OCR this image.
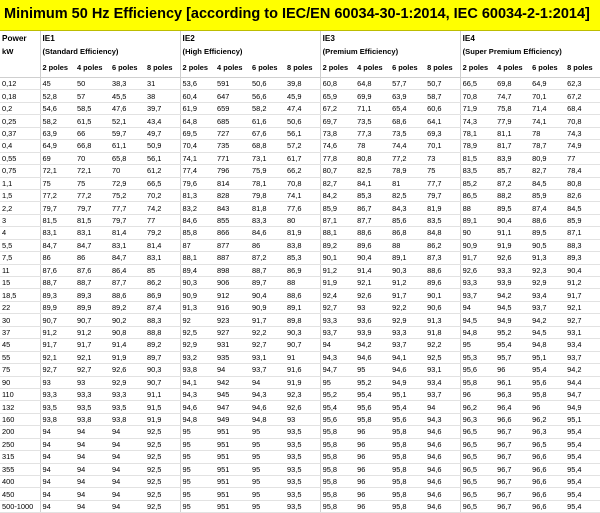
Minimum 50 Hz Efficiency [according to IEC/EN 60034-30-1:2014, IEC 60034-2-1:2014]
Power	IE1				IE2				IE3				IE4			
kW	(Standard Efficiency)				(High Efficiency)				(Premium Efficiency)				(Super Premium Efficiency)			
	2 poles	4 poles	6 poles	8 poles	2 poles	4 poles	6 poles	8 poles	2 poles	4 poles	6 poles	8 poles	2 poles	4 poles	6 poles	8 poles
0,12	45	50	38,3	31	53,6	591	50,6	39,8	60,8	64,8	57,7	50,7	66,5	69,8	64,9	62,3
0,18	52,8	57	45,5	38	60,4	647	56,6	45,9	65,9	69,9	63,9	58,7	70,8	74,7	70,1	67,2
0,2	54,6	58,5	47,6	39,7	61,9	659	58,2	47,4	67,2	71,1	65,4	60,6	71,9	75,8	71,4	68,4
0,25	58,2	61,5	52,1	43,4	64,8	685	61,6	50,6	69,7	73,5	68,6	64,1	74,3	77,9	74,1	70,8
0,37	63,9	66	59,7	49,7	69,5	727	67,6	56,1	73,8	77,3	73,5	69,3	78,1	81,1	78	74,3
0,4	64,9	66,8	61,1	50,9	70,4	735	68,8	57,2	74,6	78	74,4	70,1	78,9	81,7	78,7	74,9
0,55	69	70	65,8	56,1	74,1	771	73,1	61,7	77,8	80,8	77,2	73	81,5	83,9	80,9	77
0,75	72,1	72,1	70	61,2	77,4	796	75,9	66,2	80,7	82,5	78,9	75	83,5	85,7	82,7	78,4
1,1	75	75	72,9	66,5	79,6	814	78,1	70,8	82,7	84,1	81	77,7	85,2	87,2	84,5	80,8
1,5	77,2	77,2	75,2	70,2	81,3	828	79,8	74,1	84,2	85,3	82,5	79,7	86,5	88,2	85,9	82,6
2,2	79,7	79,7	77,7	74,2	83,2	843	81,8	77,6	85,9	86,7	84,3	81,9	88	89,5	87,4	84,5
3	81,5	81,5	79,7	77	84,6	855	83,3	80	87,1	87,7	85,6	83,5	89,1	90,4	88,6	85,9
4	83,1	83,1	81,4	79,2	85,8	866	84,6	81,9	88,1	88,6	86,8	84,8	90	91,1	89,5	87,1
5,5	84,7	84,7	83,1	81,4	87	877	86	83,8	89,2	89,6	88	86,2	90,9	91,9	90,5	88,3
7,5	86	86	84,7	83,1	88,1	887	87,2	85,3	90,1	90,4	89,1	87,3	91,7	92,6	91,3	89,3
11	87,6	87,6	86,4	85	89,4	898	88,7	86,9	91,2	91,4	90,3	88,6	92,6	93,3	92,3	90,4
15	88,7	88,7	87,7	86,2	90,3	906	89,7	88	91,9	92,1	91,2	89,6	93,3	93,9	92,9	91,2
18,5	89,3	89,3	88,6	86,9	90,9	912	90,4	88,6	92,4	92,6	91,7	90,1	93,7	94,2	93,4	91,7
22	89,9	89,9	89,2	87,4	91,3	916	90,9	89,1	92,7	93	92,2	90,6	94	94,5	93,7	92,1
30	90,7	90,7	90,2	88,3	92	923	91,7	89,8	93,3	93,6	92,9	91,3	94,5	94,9	94,2	92,7
37	91,2	91,2	90,8	88,8	92,5	927	92,2	90,3	93,7	93,9	93,3	91,8	94,8	95,2	94,5	93,1
45	91,7	91,7	91,4	89,2	92,9	931	92,7	90,7	94	94,2	93,7	92,2	95	95,4	94,8	93,4
55	92,1	92,1	91,9	89,7	93,2	935	93,1	91	94,3	94,6	94,1	92,5	95,3	95,7	95,1	93,7
75	92,7	92,7	92,6	90,3	93,8	94	93,7	91,6	94,7	95	94,6	93,1	95,6	96	95,4	94,2
90	93	93	92,9	90,7	94,1	942	94	91,9	95	95,2	94,9	93,4	95,8	96,1	95,6	94,4
110	93,3	93,3	93,3	91,1	94,3	945	94,3	92,3	95,2	95,4	95,1	93,7	96	96,3	95,8	94,7
132	93,5	93,5	93,5	91,5	94,6	947	94,6	92,6	95,4	95,6	95,4	94	96,2	96,4	96	94,9
160	93,8	93,8	93,8	91,9	94,8	949	94,8	93	95,6	95,8	95,6	94,3	96,3	96,6	96,2	95,1
200	94	94	94	92,5	95	951	95	93,5	95,8	96	95,8	94,6	96,5	96,7	96,3	95,4
250	94	94	94	92,5	95	951	95	93,5	95,8	96	95,8	94,6	96,5	96,7	96,5	95,4
315	94	94	94	92,5	95	951	95	93,5	95,8	96	95,8	94,6	96,5	96,7	96,6	95,4
355	94	94	94	92,5	95	951	95	93,5	95,8	96	95,8	94,6	96,5	96,7	96,6	95,4
400	94	94	94	92,5	95	951	95	93,5	95,8	96	95,8	94,6	96,5	96,7	96,6	95,4
450	94	94	94	92,5	95	951	95	93,5	95,8	96	95,8	94,6	96,5	96,7	96,6	95,4
500-1000	94	94	94	92,5	95	951	95	93,5	95,8	96	95,8	94,6	96,5	96,7	96,6	95,4
